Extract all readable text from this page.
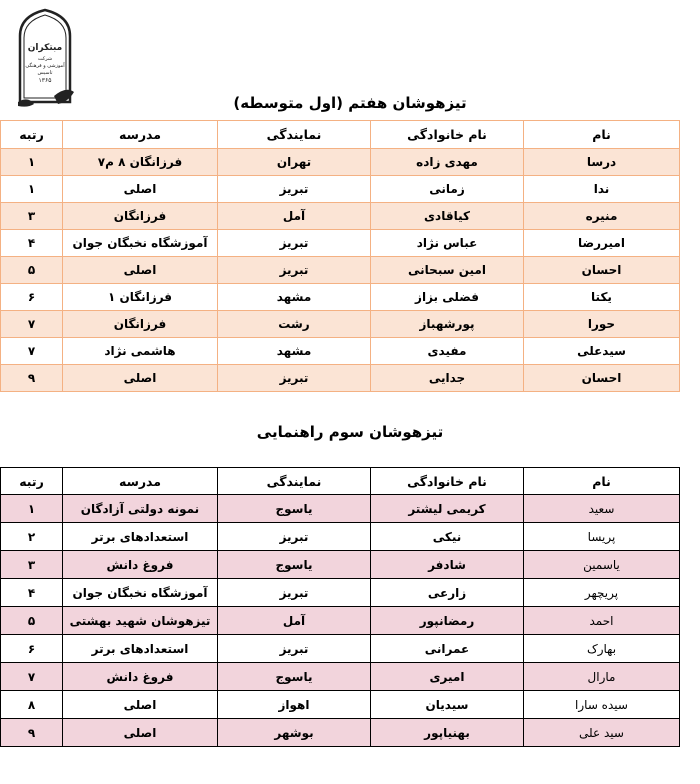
مبتکران
شرکت
آموزشی و فرهنگی
تاسیس
۱۳۶۵
تیزهوشان هفتم (اول متوسطه)
نام	نام خانوادگی	نمایندگی	مدرسه	رتبه
درسا	مهدی زاده	تهران	فرزانگان ۸ م۷	۱
ندا	زمانی	تبریز	اصلی	۱
منیره	کیاقادی	آمل	فرزانگان	۳
امیررضا	عباس نژاد	تبریز	آموزشگاه نخبگان جوان	۴
احسان	امین سبحانی	تبریز	اصلی	۵
یکتا	فضلی بزاز	مشهد	فرزانگان ۱	۶
حورا	پورشهباز	رشت	فرزانگان	۷
سیدعلی	مفیدی	مشهد	هاشمی نژاد	۷
احسان	جدایی	تبریز	اصلی	۹
تیزهوشان سوم راهنمایی
نام	نام خانوادگی	نمایندگی	مدرسه	رتبه
سعید	کریمی لیشتر	یاسوج	نمونه دولتی آزادگان	۱
پریسا	نیکی	تبریز	استعدادهای برتر	۲
یاسمین	شادفر	یاسوج	فروغ دانش	۳
پریچهر	زارعی	تبریز	آموزشگاه نخبگان جوان	۴
احمد	رمضانپور	آمل	تیزهوشان شهید بهشتی	۵
بهارک	عمرانی	تبریز	استعدادهای برتر	۶
مارال	امیری	یاسوج	فروغ دانش	۷
سیده سارا	سیدیان	اهواز	اصلی	۸
سید علی	بهنیاپور	بوشهر	اصلی	۹
